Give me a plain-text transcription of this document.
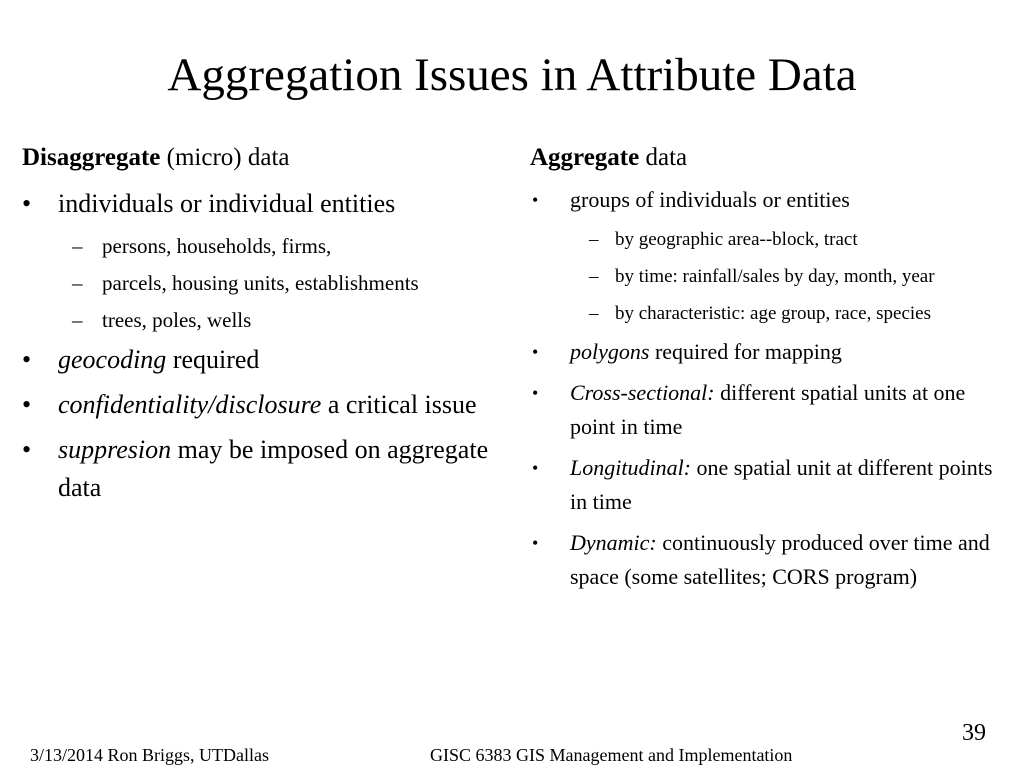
Aggregation Issues in Attribute Data
Disaggregate (micro) data
• individuals or individual entities
– persons, households, firms,
– parcels, housing units, establishments
– trees, poles, wells
• geocoding required
• confidentiality/disclosure a critical issue
• suppresion may be imposed on aggregate data
Aggregate data
• groups of individuals or entities
– by geographic area--block, tract
– by time: rainfall/sales by day, month, year
– by characteristic: age group, race, species
• polygons required for mapping
• Cross-sectional: different spatial units at one point in time
• Longitudinal: one spatial unit at different points in time
• Dynamic: continuously produced over time and space (some satellites; CORS program)
3/13/2014 Ron Briggs, UTDallas	GISC 6383 GIS Management and Implementation
39
